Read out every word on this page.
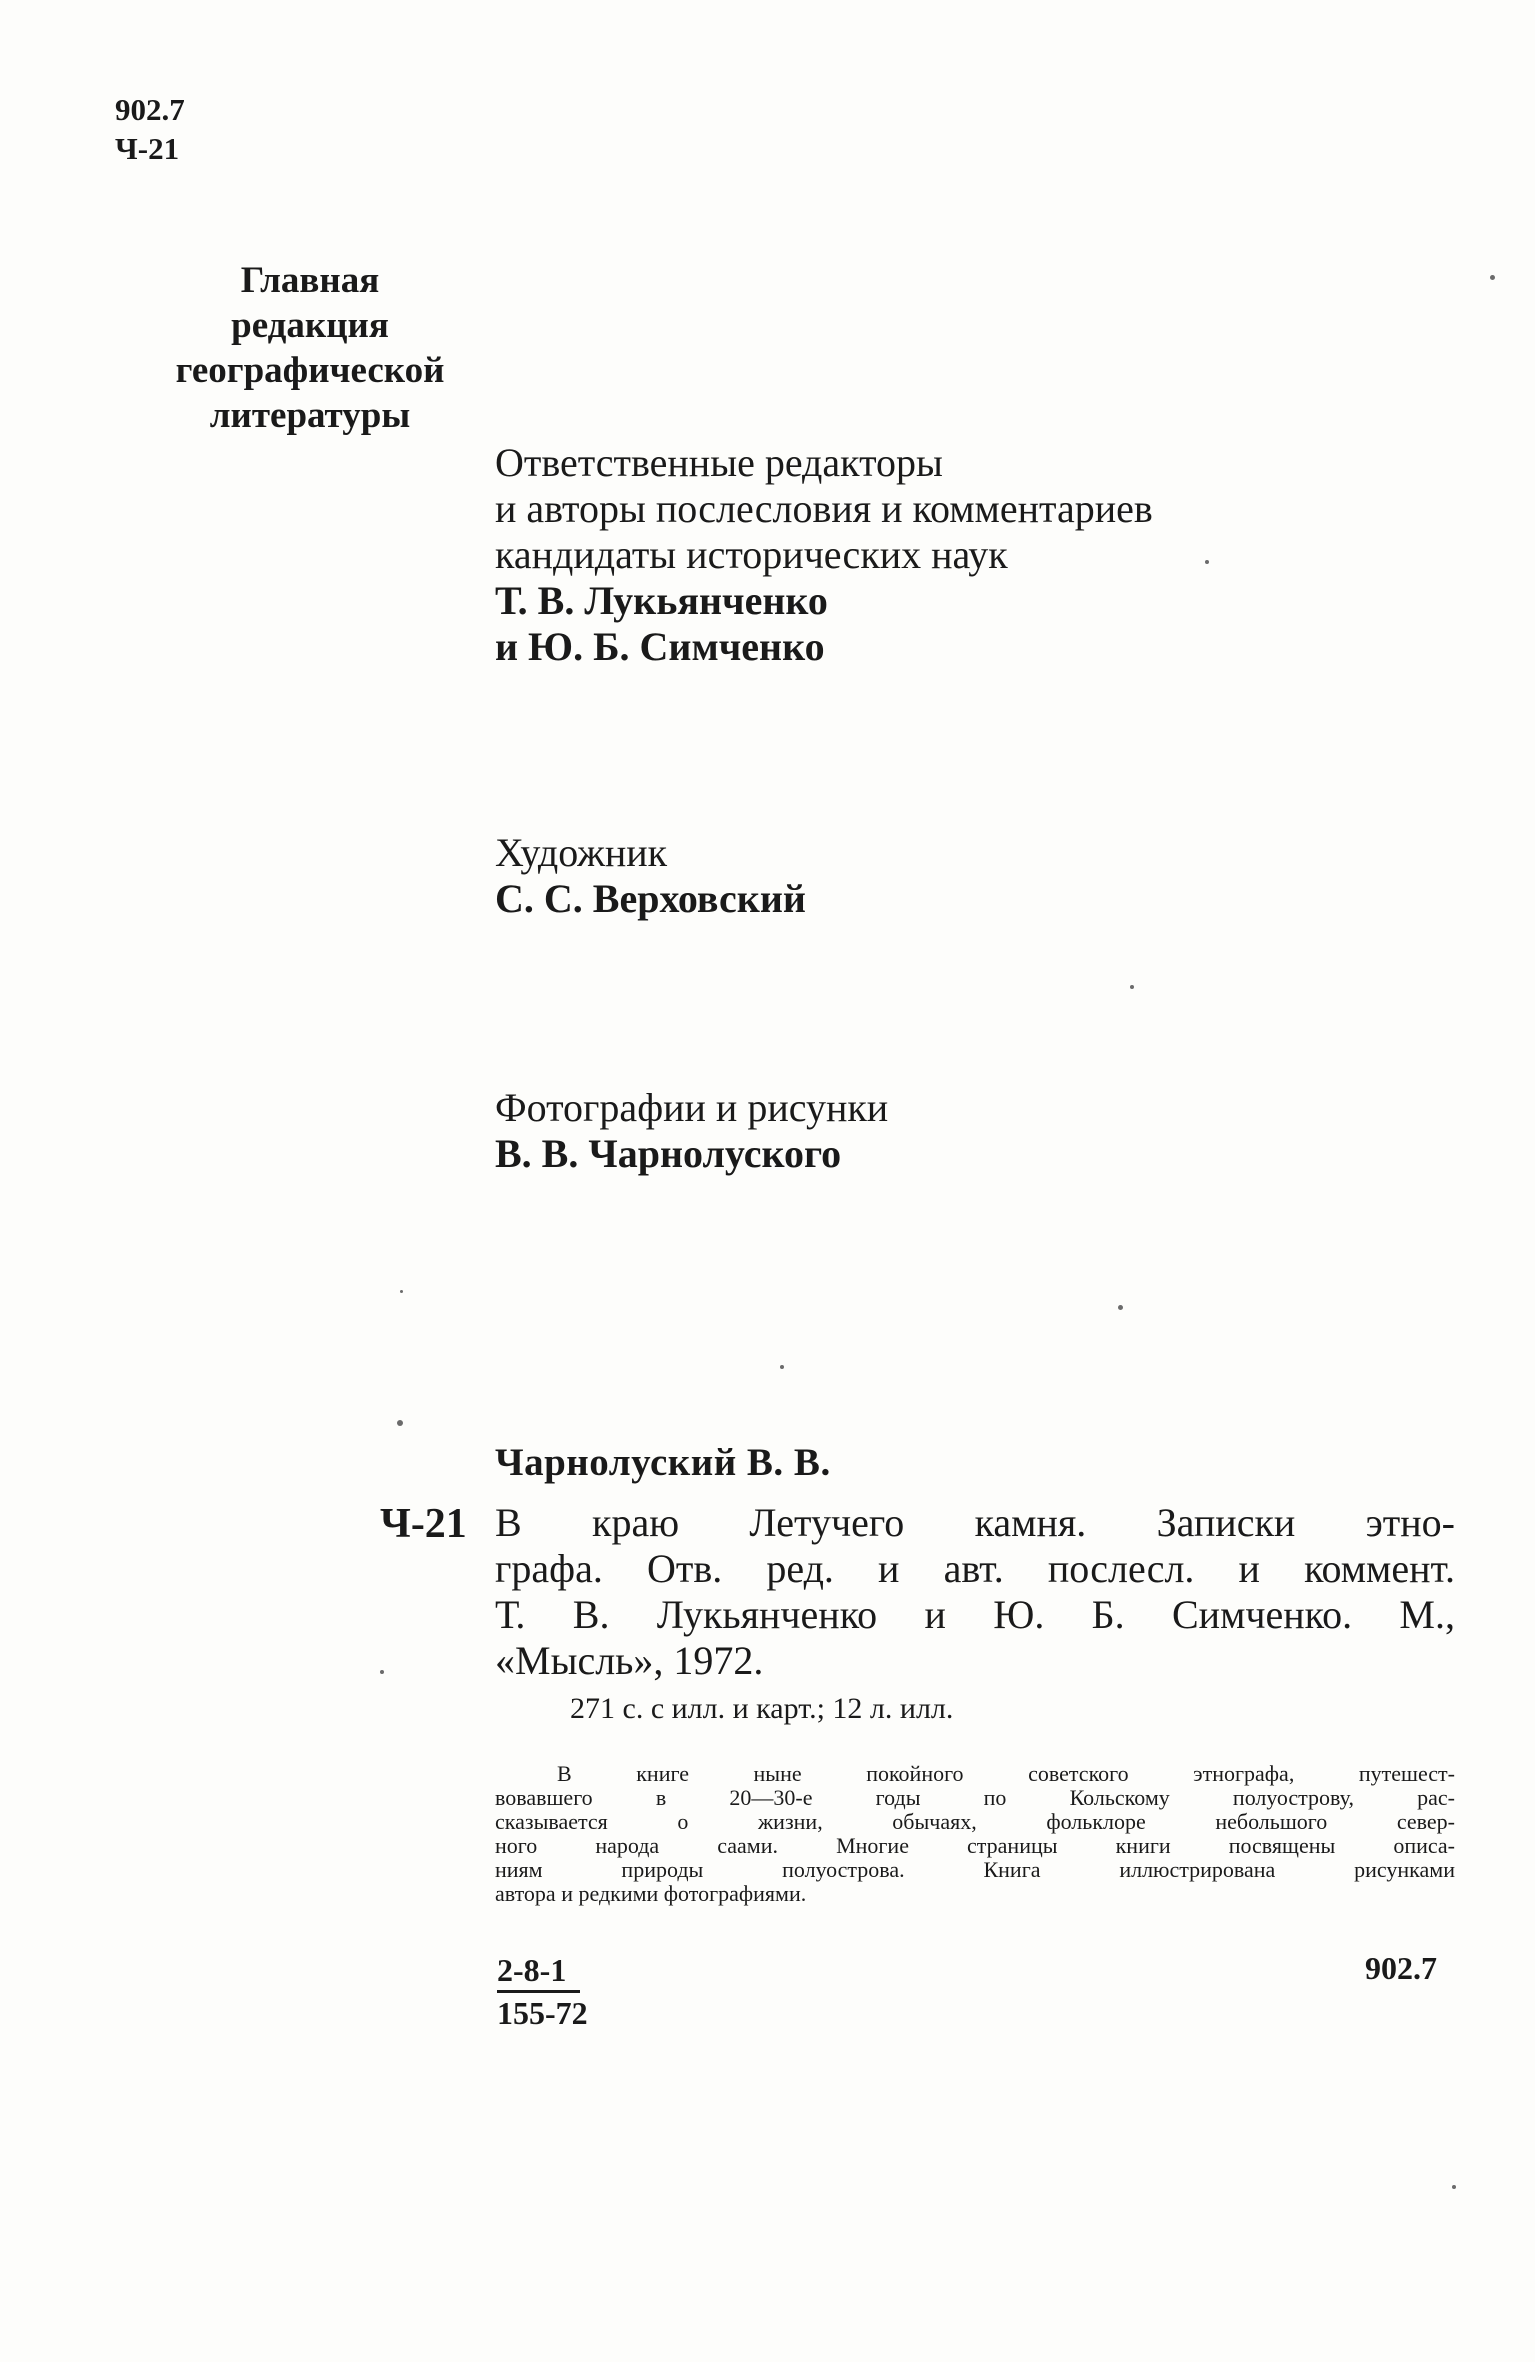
902.7
Ч-21
Главная
редакция
географической
литературы
Ответственные редакторы
и авторы послесловия и комментариев
кандидаты исторических наук
Т. В. Лукьянченко
и Ю. Б. Симченко
Художник
С. С. Верховский
Фотографии и рисунки
В. В. Чарнолуского
Чарнолуский В. В.
Ч-21 В краю Летучего камня. Записки этно-
графа. Отв. ред. и авт. послесл. и коммент.
Т. В. Лукьянченко и Ю. Б. Симченко. М.,
«Мысль», 1972.
271 с. с илл. и карт.; 12 л. илл.
В книге ныне покойного советского этнографа, путешест-
вовавшего в 20—30-е годы по Кольскому полуострову, рас-
сказывается о жизни, обычаях, фольклоре небольшого север-
ного народа саами. Многие страницы книги посвящены описа-
ниям природы полуострова. Книга иллюстрирована рисунками
автора и редкими фотографиями.
$\frac{2-8-1}{155-72}$	902.7
